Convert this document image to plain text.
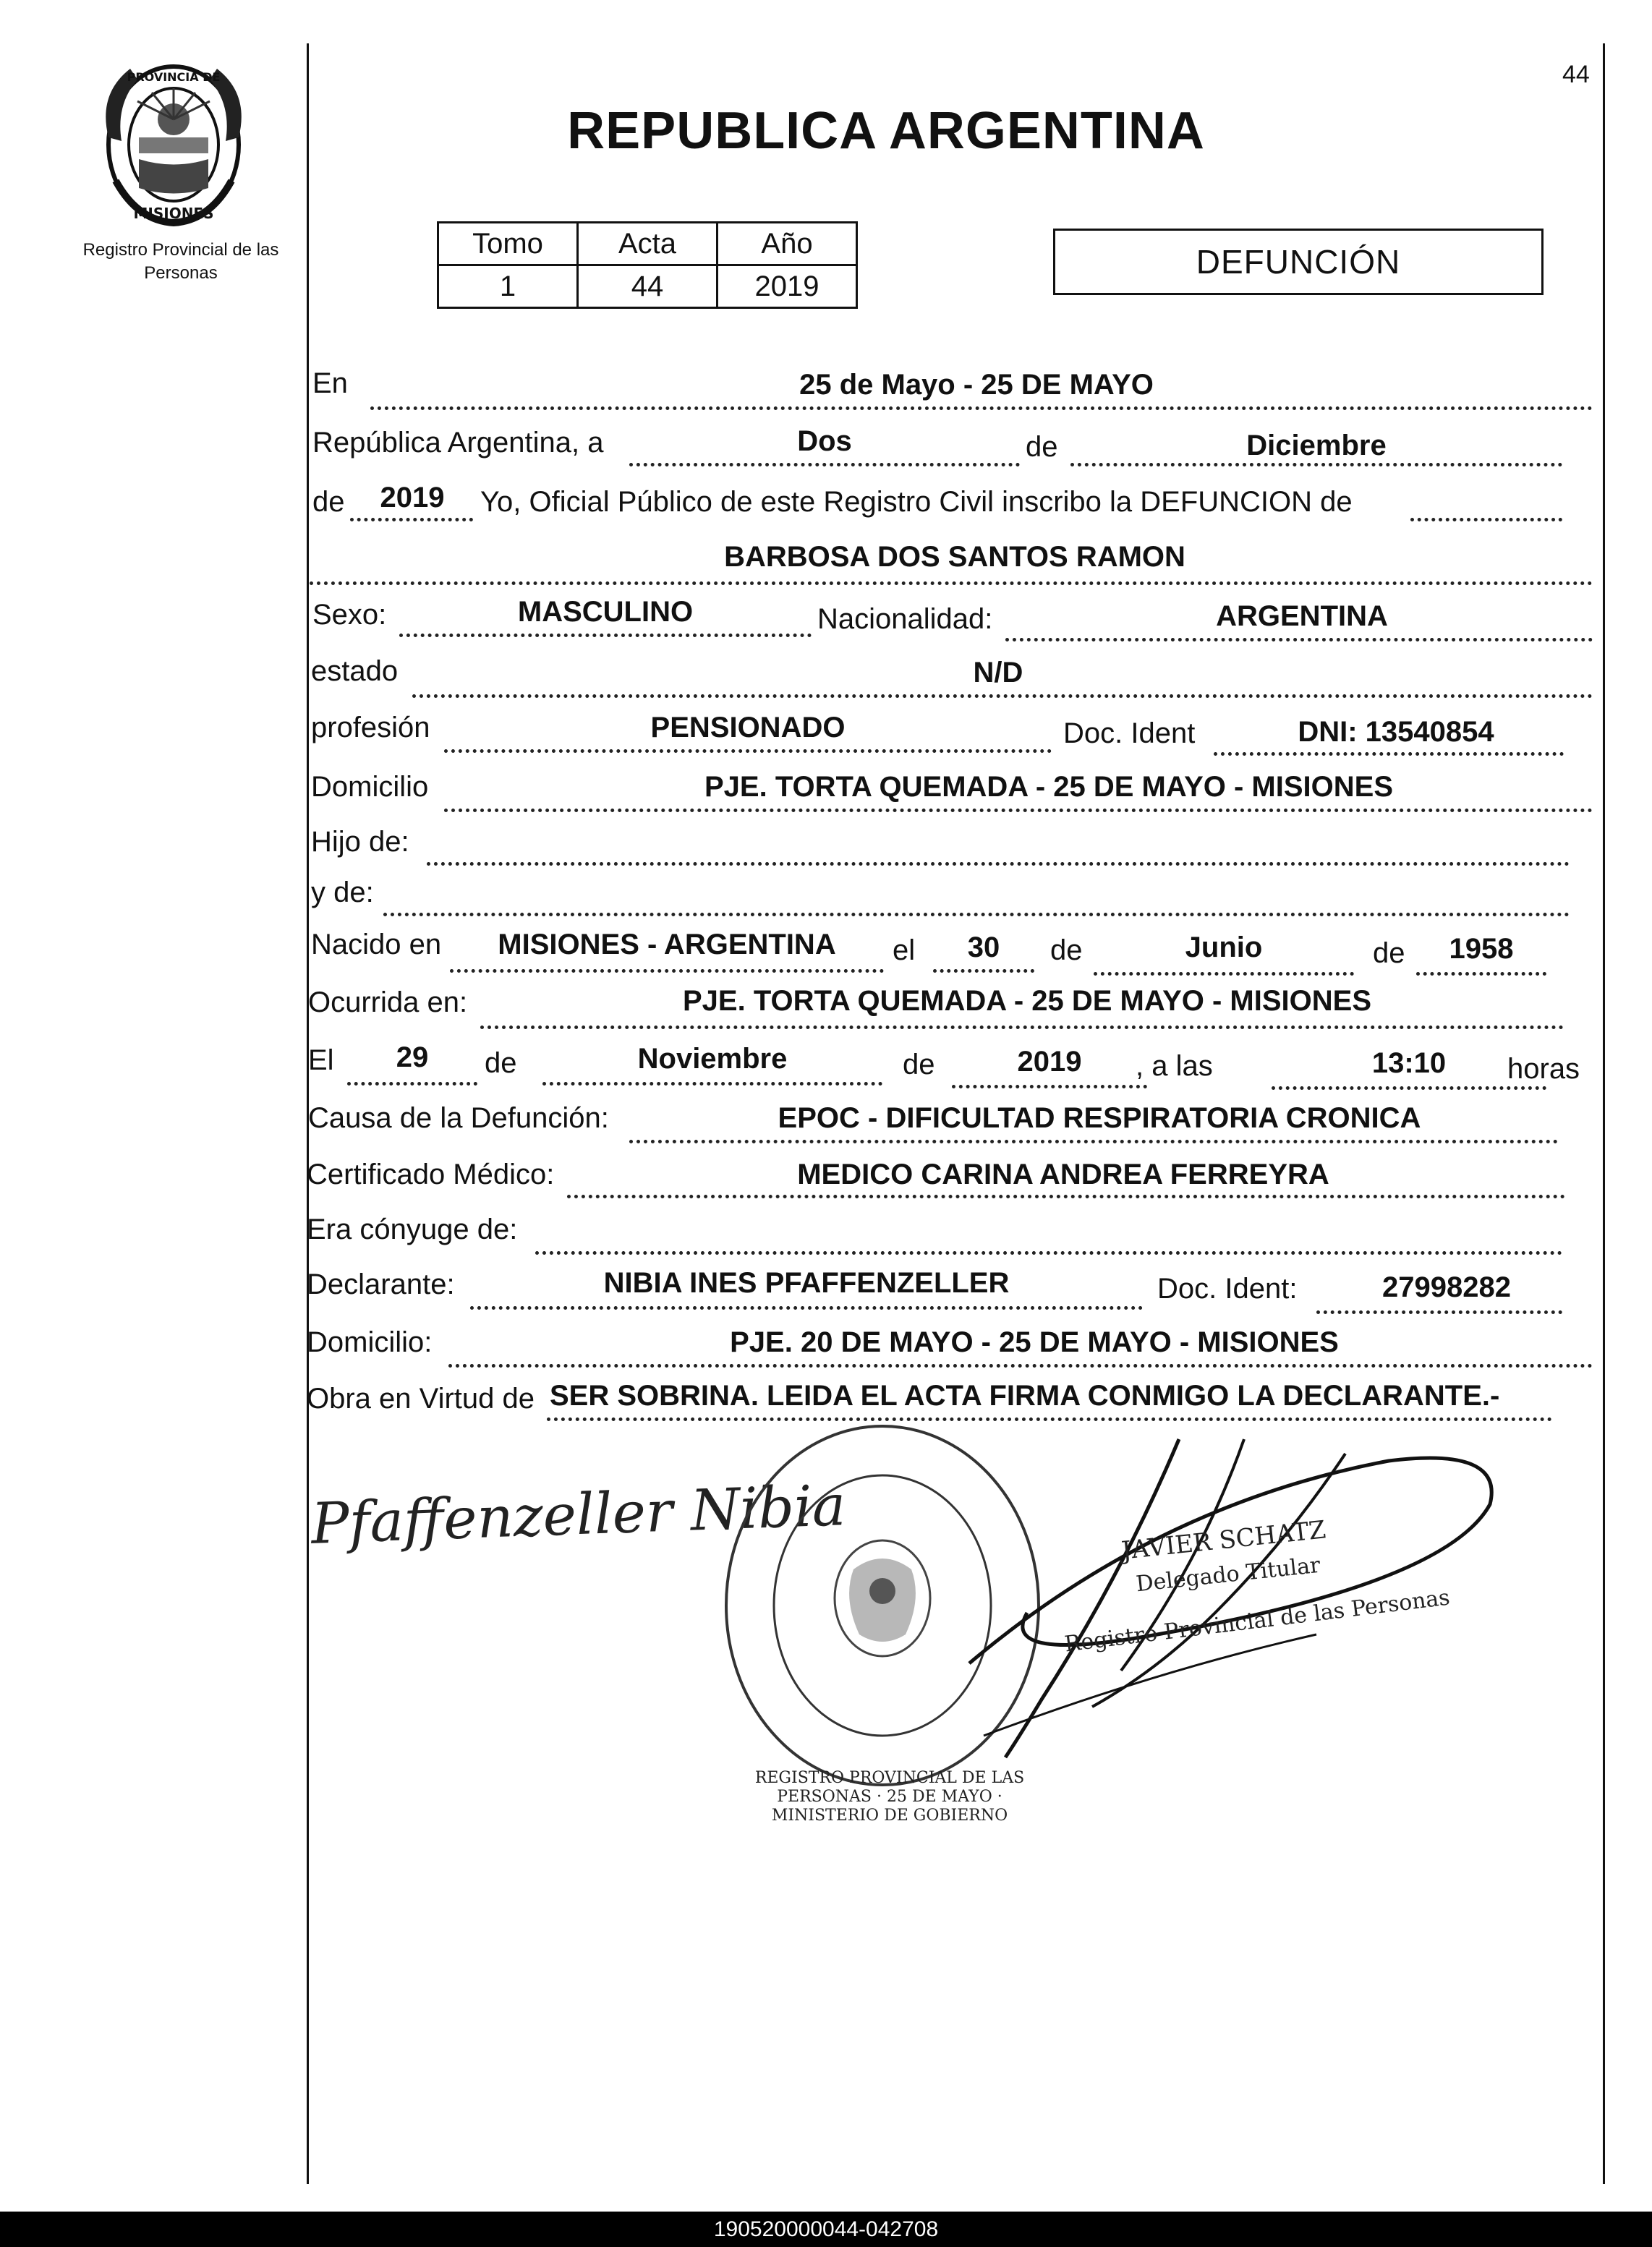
PROVINCIA DE
MISIONES
Registro Provincial de las Personas
44
REPUBLICA ARGENTINA
Tomo	Acta	Año
1	44	2019
DEFUNCIÓN
En	25 de Mayo - 25 DE MAYO
República Argentina, a	Dos	de	Diciembre
de	2019	Yo, Oficial Público de este Registro Civil inscribo la DEFUNCION de
BARBOSA DOS SANTOS RAMON
Sexo:	MASCULINO	Nacionalidad:	ARGENTINA
estado	N/D
profesión	PENSIONADO	Doc. Ident	DNI: 13540854
Domicilio	PJE. TORTA QUEMADA - 25 DE MAYO - MISIONES
Hijo de:
y de:
Nacido en	MISIONES - ARGENTINA	el	30	de	Junio	de	1958
Ocurrida en:	PJE. TORTA QUEMADA - 25 DE MAYO - MISIONES
El	29	de	Noviembre	de	2019	, a las	13:10	horas
Causa de la Defunción:	EPOC - DIFICULTAD RESPIRATORIA CRONICA
Certificado Médico:	MEDICO CARINA ANDREA FERREYRA
Era cónyuge de:
Declarante:	NIBIA INES PFAFFENZELLER	Doc. Ident:	27998282
Domicilio:	PJE. 20 DE MAYO - 25 DE MAYO - MISIONES
Obra en Virtud de SER SOBRINA. LEIDA EL ACTA FIRMA CONMIGO LA DECLARANTE.-
Pfaffenzeller Nibia
REGISTRO PROVINCIAL DE LAS PERSONAS · 25 DE MAYO · MINISTERIO DE GOBIERNO
JAVIER SCHATZ
Delegado Titular
Registro Provincial de las Personas
190520000044-042708
